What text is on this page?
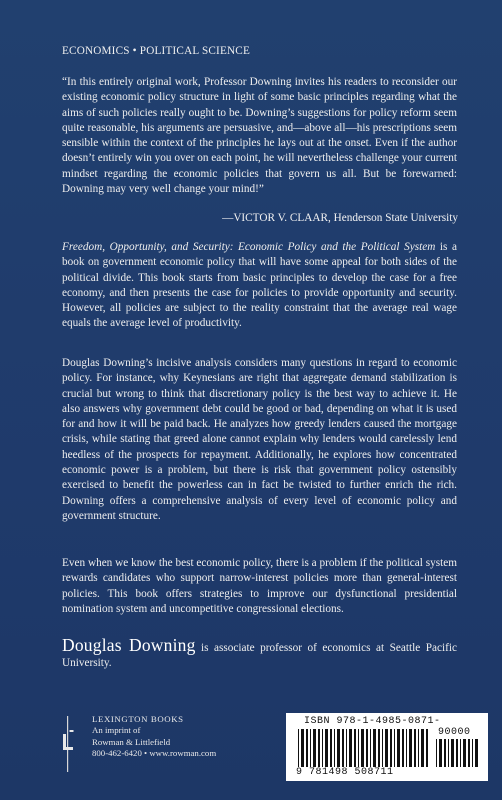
ECONOMICS • POLITICAL SCIENCE
“In this entirely original work, Professor Downing invites his readers to reconsider our existing economic policy structure in light of some basic principles regarding what the aims of such policies really ought to be. Downing’s suggestions for policy reform seem quite reasonable, his arguments are persuasive, and—above all—his prescriptions seem sensible within the context of the principles he lays out at the onset. Even if the author doesn’t entirely win you over on each point, he will nevertheless challenge your current mindset regarding the economic policies that govern us all. But be forewarned: Downing may very well change your mind!”
—VICTOR V. CLAAR, Henderson State University
Freedom, Opportunity, and Security: Economic Policy and the Political System is a book on government economic policy that will have some appeal for both sides of the political divide. This book starts from basic principles to develop the case for a free economy, and then presents the case for policies to provide opportunity and security. However, all policies are subject to the reality constraint that the average real wage equals the average level of productivity.
Douglas Downing’s incisive analysis considers many questions in regard to economic policy. For instance, why Keynesians are right that aggregate demand stabilization is crucial but wrong to think that discretionary policy is the best way to achieve it. He also answers why government debt could be good or bad, depending on what it is used for and how it will be paid back. He analyzes how greedy lenders caused the mortgage crisis, while stating that greed alone cannot explain why lenders would carelessly lend heedless of the prospects for repayment. Additionally, he explores how concentrated economic power is a problem, but there is risk that government policy ostensibly exercised to benefit the powerless can in fact be twisted to further enrich the rich. Downing offers a comprehensive analysis of every level of economic policy and government structure.
Even when we know the best economic policy, there is a problem if the political system rewards candidates who support narrow-interest policies more than general-interest policies. This book offers strategies to improve our dysfunctional presidential nomination system and uncompetitive congressional elections.
Douglas Downing is associate professor of economics at Seattle Pacific University.
LEXINGTON BOOKS
An imprint of
Rowman & Littlefield
800-462-6420 • www.rowman.com
ISBN 978-1-4985-0871-
90000
9 781498 508711
